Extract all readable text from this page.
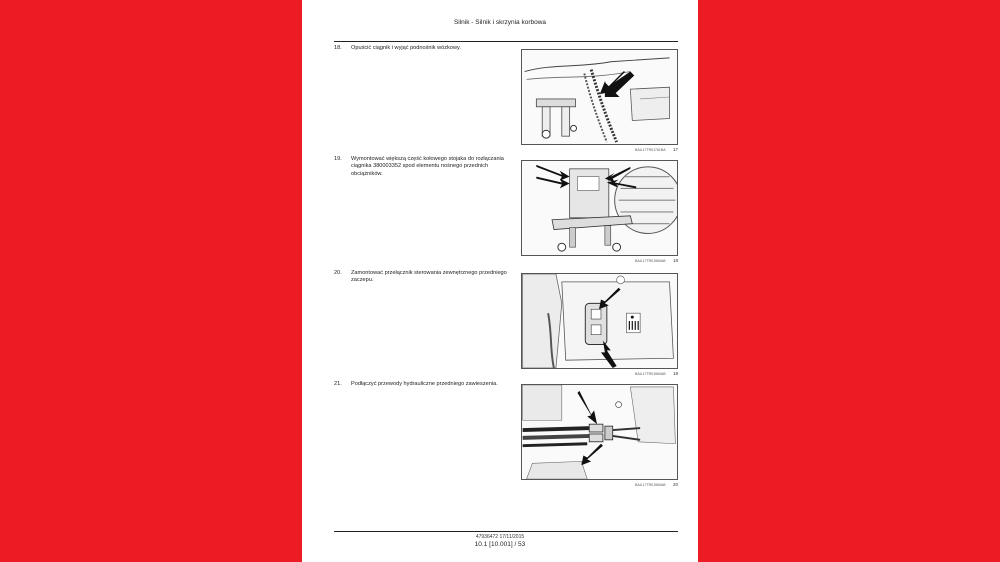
Silnik - Silnik i skrzynia korbowa
18. Opuścić ciągnik i wyjąć podnośnik wózkowy.
BAIL17TR01761BA 17
19. Wymontować większą część kołowego stojaka do rozłączania ciągnika 380003352 spod elementu nośnego przednich obciążników.
BAIL17TR01960AB 18
20. Zamontować przełącznik sterowania zewnętrznego przedniego zaczepu.
BAIL17TR01960AB 19
21. Podłączyć przewody hydrauliczne przedniego zawieszenia.
BAIL17TR01960AB 20
47936472 17/11/2015
10.1 [10.001] / 53
